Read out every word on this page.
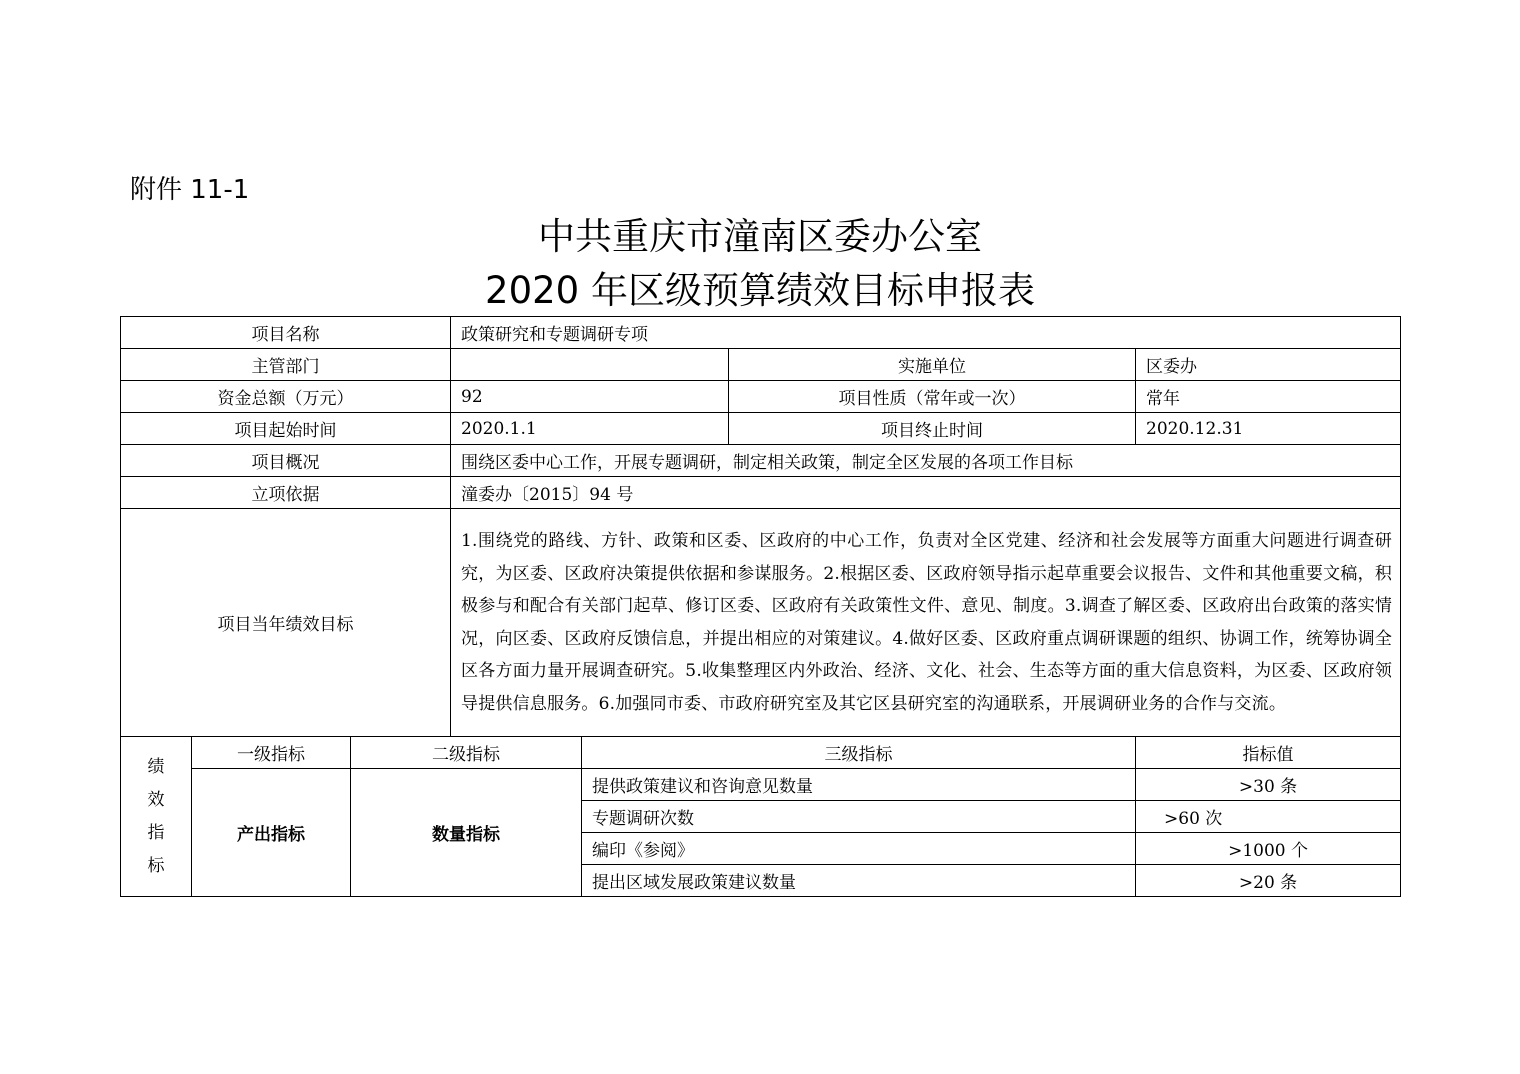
附件 11-1
中共重庆市潼南区委办公室
2020 年区级预算绩效目标申报表
项目名称			政策研究和专题调研专项			
主管部门					实施单位	区委办
资金总额（万元）			92		项目性质（常年或一次）	常年
项目起始时间			2020.1.1		项目终止时间	2020.12.31
项目概况			围绕区委中心工作，开展专题调研，制定相关政策，制定全区发展的各项工作目标			
立项依据			潼委办〔2015〕94 号			
项目当年绩效目标			1.围绕党的路线、方针、政策和区委、区政府的中心工作，负责对全区党建、经济和社会发展等方面重大问题进行调查研究，为区委、区政府决策提供依据和参谋服务。2.根据区委、区政府领导指示起草重要会议报告、文件和其他重要文稿，积极参与和配合有关部门起草、修订区委、区政府有关政策性文件、意见、制度。3.调查了解区委、区政府出台政策的落实情况，向区委、区政府反馈信息，并提出相应的对策建议。4.做好区委、区政府重点调研课题的组织、协调工作，统筹协调全区各方面力量开展调查研究。5.收集整理区内外政治、经济、文化、社会、生态等方面的重大信息资料，为区委、区政府领导提供信息服务。6.加强同市委、市政府研究室及其它区县研究室的沟通联系，开展调研业务的合作与交流。			

绩
效
指
标	一级指标	二级指标		三级指标		指标值
	产出指标	数量指标		提供政策建议和咨询意见数量		>30 条
				专题调研次数		>60 次
				编印《参阅》		>1000 个
				提出区域发展政策建议数量		>20 条
